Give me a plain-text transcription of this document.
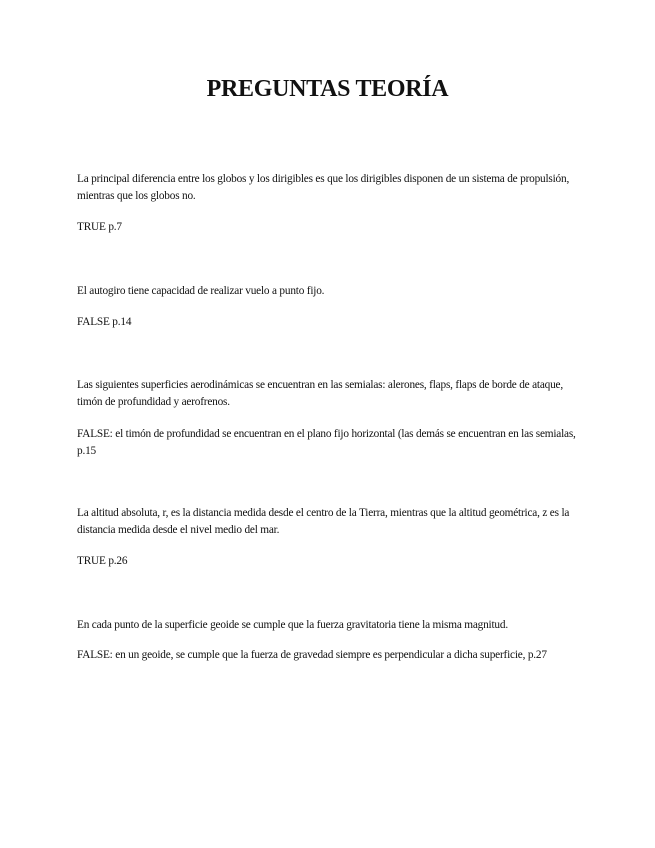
PREGUNTAS TEORÍA

La principal diferencia entre los globos y los dirigibles es que los dirigibles disponen de un sistema de propulsión, mientras que los globos no.

TRUE p.7

El autogiro tiene capacidad de realizar vuelo a punto fijo.

FALSE p.14

Las siguientes superficies aerodinámicas se encuentran en las semialas: alerones, flaps, flaps de borde de ataque, timón de profundidad y aerofrenos.

FALSE: el timón de profundidad se encuentran en el plano fijo horizontal (las demás se encuentran en las semialas, p.15

La altitud absoluta, r, es la distancia medida desde el centro de la Tierra, mientras que la altitud geométrica, z es la distancia medida desde el nivel medio del mar.

TRUE p.26

En cada punto de la superficie geoide se cumple que la fuerza gravitatoria tiene la misma magnitud.

FALSE: en un geoide, se cumple que la fuerza de gravedad siempre es perpendicular a dicha superficie, p.27
